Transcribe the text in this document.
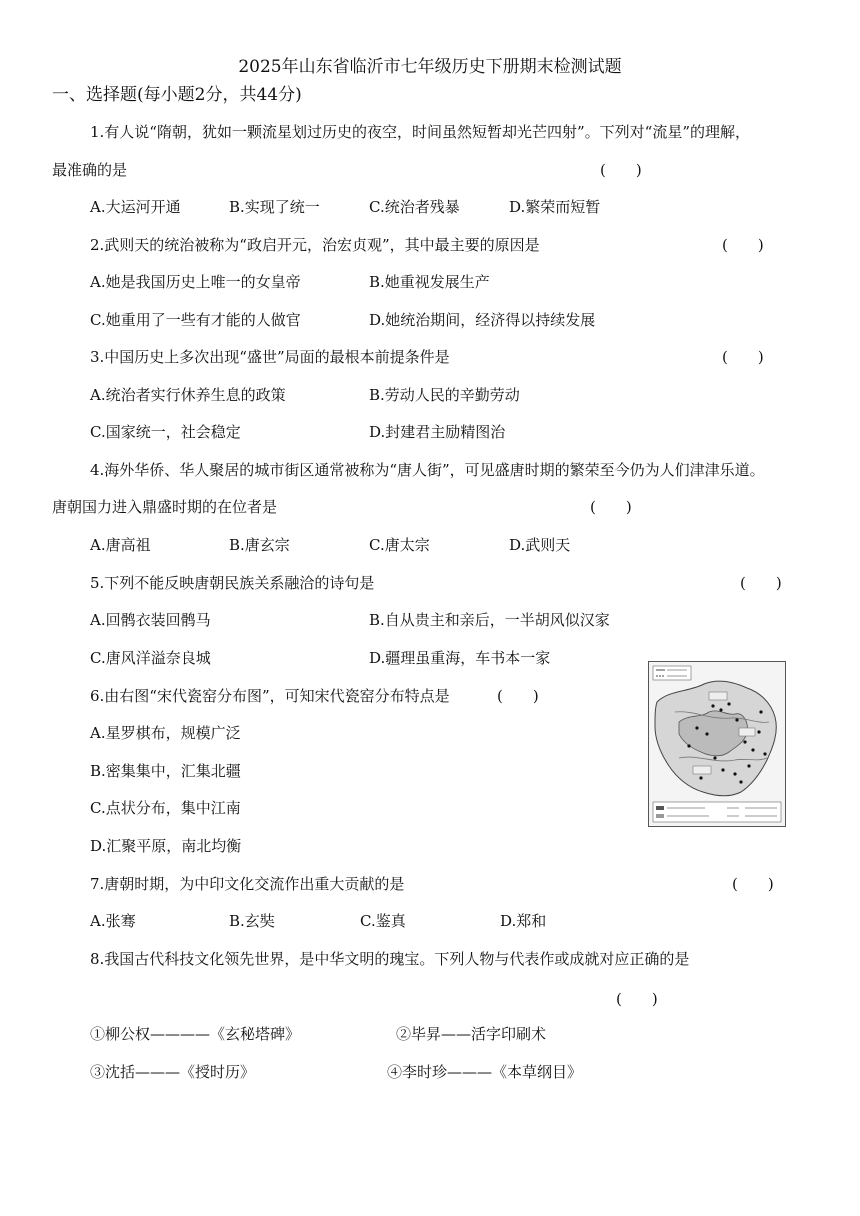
2025年山东省临沂市七年级历史下册期末检测试题
一、选择题(每小题2分，共44分)
1.有人说“隋朝，犹如一颗流星划过历史的夜空，时间虽然短暂却光芒四射”。下列对“流星”的理解，
最准确的是	(　　)
A.大运河开通	B.实现了统一	C.统治者残暴	D.繁荣而短暂
2.武则天的统治被称为“政启开元，治宏贞观”，其中最主要的原因是	(　　)
A.她是我国历史上唯一的女皇帝	B.她重视发展生产
C.她重用了一些有才能的人做官	D.她统治期间，经济得以持续发展
3.中国历史上多次出现“盛世”局面的最根本前提条件是	(　　)
A.统治者实行休养生息的政策	B.劳动人民的辛勤劳动
C.国家统一，社会稳定	D.封建君主励精图治
4.海外华侨、华人聚居的城市街区通常被称为“唐人街”，可见盛唐时期的繁荣至今仍为人们津津乐道。
唐朝国力进入鼎盛时期的在位者是	(　　)
A.唐高祖	B.唐玄宗	C.唐太宗	D.武则天
5.下列不能反映唐朝民族关系融洽的诗句是	(　　)
A.回鹘衣装回鹘马	B.自从贵主和亲后，一半胡风似汉家
C.唐风洋溢奈良城	D.疆理虽重海，车书本一家
6.由右图“宋代瓷窑分布图”，可知宋代瓷窑分布特点是	(　　)
A.星罗棋布，规模广泛
B.密集集中，汇集北疆
C.点状分布，集中江南
D.汇聚平原，南北均衡
7.唐朝时期，为中印文化交流作出重大贡献的是	(　　)
A.张骞	B.玄奘	C.鉴真	D.郑和
8.我国古代科技文化领先世界，是中华文明的瑰宝。下列人物与代表作或成就对应正确的是
(　　)
①柳公权————《玄秘塔碑》	②毕昇——活字印刷术
③沈括———《授时历》	④李时珍———《本草纲目》
